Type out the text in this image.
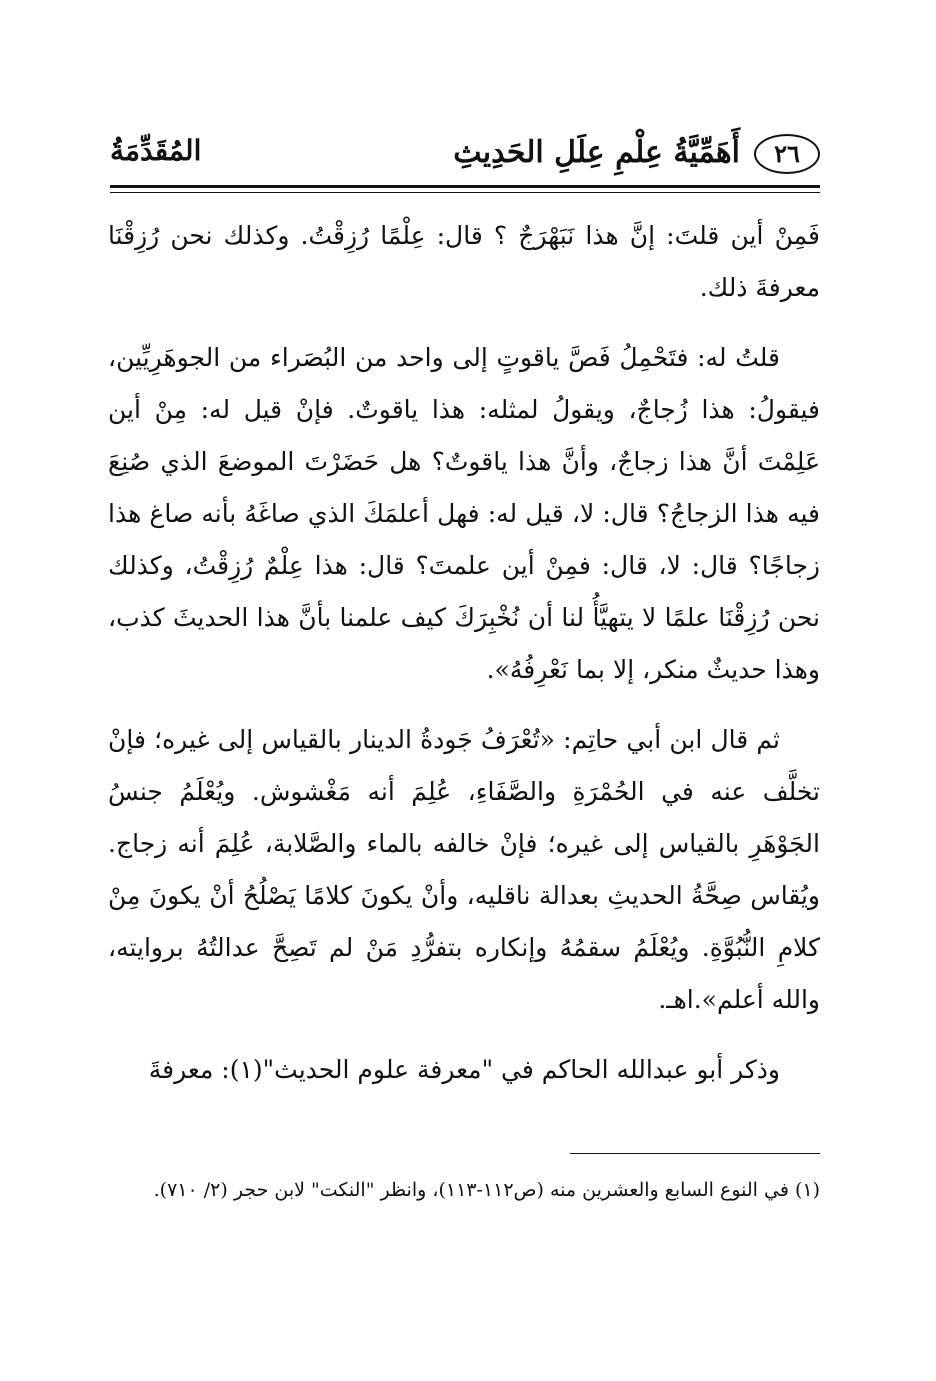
٢٦أَهَمِّيَّةُ عِلْمِ عِلَلِ الحَدِيثِ
المُقَدِّمَةُ

فَمِنْ أين قلتَ: إنَّ هذا نَبَهْرَجٌ ؟ قال: عِلْمًا رُزِقْتُ. وكذلك نحن رُزِقْنَا معرفةَ ذلك.

قلتُ له: فتَحْمِلُ فَصَّ ياقوتٍ إلى واحد من البُصَراء من الجوهَرِيِّين، فيقولُ: هذا زُجاجٌ، ويقولُ لمثله: هذا ياقوتٌ. فإنْ قيل له: مِنْ أين عَلِمْتَ أنَّ هذا زجاجٌ، وأنَّ هذا ياقوتٌ؟ هل حَضَرْتَ الموضعَ الذي صُنِعَ فيه هذا الزجاجُ؟ قال: لا، قيل له: فهل أعلمَكَ الذي صاغَهُ بأنه صاغ هذا زجاجًا؟ قال: لا، قال: فمِنْ أين علمتَ؟ قال: هذا عِلْمٌ رُزِقْتُ، وكذلك نحن رُزِقْنَا علمًا لا يتهيَّأُ لنا أن نُخْبِرَكَ كيف علمنا بأنَّ هذا الحديثَ كذب، وهذا حديثٌ منكر، إلا بما نَعْرِفُهُ».

ثم قال ابن أبي حاتِم: «تُعْرَفُ جَودةُ الدينار بالقياس إلى غيره؛ فإنْ تخلَّف عنه في الحُمْرَةِ والصَّفَاءِ، عُلِمَ أنه مَغْشوش. ويُعْلَمُ جنسُ الجَوْهَرِ بالقياس إلى غيره؛ فإنْ خالفه بالماء والصَّلابة، عُلِمَ أنه زجاج. ويُقاس صِحَّةُ الحديثِ بعدالة ناقليه، وأنْ يكونَ كلامًا يَصْلُحُ أنْ يكونَ مِنْ كلامِ النُّبُوَّةِ. ويُعْلَمُ سقمُهُ وإنكاره بتفرُّدِ مَنْ لم تَصِحَّ عدالتُهُ بروايته، والله أعلم».اهـ.

وذكر أبو عبدالله الحاكم في "معرفة علوم الحديث"(١): معرفةَ

(١) في النوع السابع والعشرين منه (ص١١٢-١١٣)، وانظر "النكت" لابن حجر (٢/ ٧١٠).
